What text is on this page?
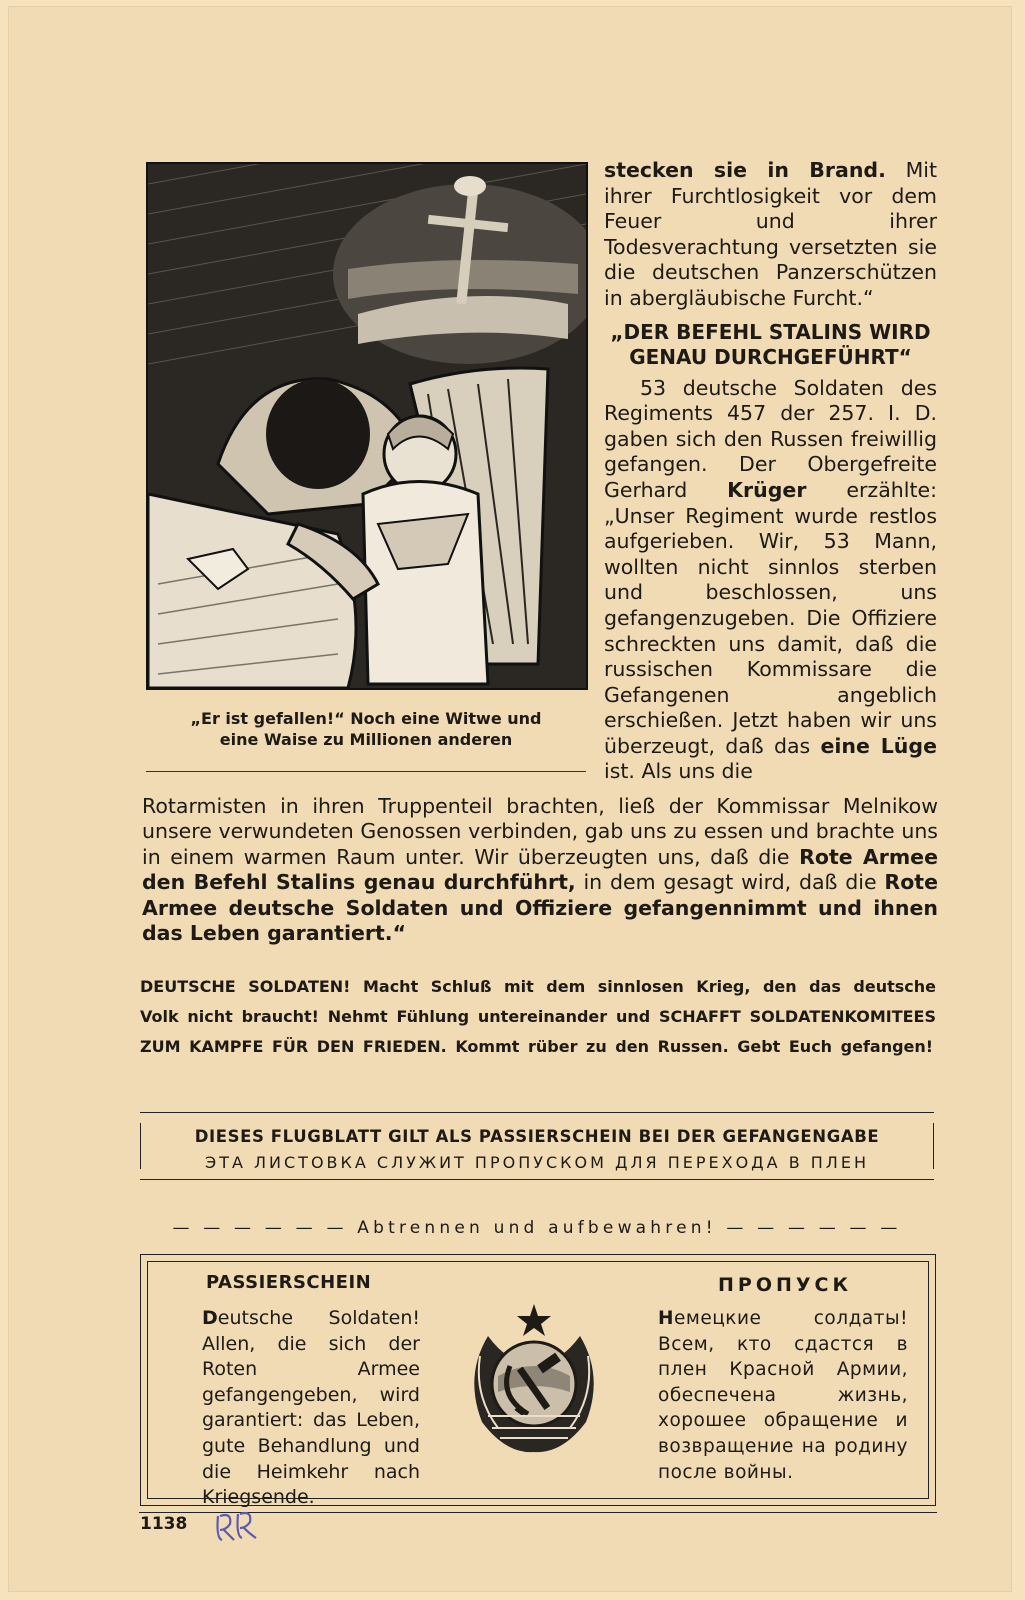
„Er ist gefallen!“ Noch eine Witwe und
eine Waise zu Millionen anderen

stecken sie in Brand. Mit ihrer Furchtlosigkeit vor dem Feuer und ihrer Todesverachtung versetzten sie die deutschen Panzerschützen in abergläubische Furcht.“

„DER BEFEHL STALINS WIRD
GENAU DURCHGEFÜHRT“

53 deutsche Soldaten des Regiments 457 der 257. I. D. gaben sich den Russen freiwillig gefangen. Der Obergefreite Gerhard Krüger erzählte: „Unser Regiment wurde restlos aufgerieben. Wir, 53 Mann, wollten nicht sinnlos sterben und beschlossen, uns gefangenzugeben. Die Offiziere schreckten uns damit, daß die russischen Kommissare die Gefangenen angeblich erschießen. Jetzt haben wir uns überzeugt, daß das eine Lüge ist. Als uns die

Rotarmisten in ihren Truppenteil brachten, ließ der Kommissar Melnikow unsere verwundeten Genossen verbinden, gab uns zu essen und brachte uns in einem warmen Raum unter. Wir überzeugten uns, daß die Rote Armee den Befehl Stalins genau durchführt, in dem gesagt wird, daß die Rote Armee deutsche Soldaten und Offiziere gefangennimmt und ihnen das Leben garantiert.“
DEUTSCHE SOLDATEN! Macht Schluß mit dem sinnlosen Krieg, den das deutsche Volk nicht braucht! Nehmt Fühlung untereinander und SCHAFFT SOLDATENKOMITEES ZUM KAMPFE FÜR DEN FRIEDEN. Kommt rüber zu den Russen. Gebt Euch gefangen!
DIESES FLUGBLATT GILT ALS PASSIERSCHEIN BEI DER GEFANGENGABE
ЭТА ЛИСТОВКА СЛУЖИТ ПРОПУСКОМ ДЛЯ ПЕРЕХОДА В ПЛЕН
— — — — — — Abtrennen und aufbewahren! — — — — — —
PASSIERSCHEIN	ПРОПУСК
Deutsche Soldaten! Allen, die sich der Roten Armee gefangengeben, wird garantiert: das Leben, gute Behandlung und die Heimkehr nach Kriegsende.
Немецкие солдаты! Всем, кто сдастся в плен Красной Армии, обеспечена жизнь, хорошее обращение и возвращение на родину после войны.
1138
